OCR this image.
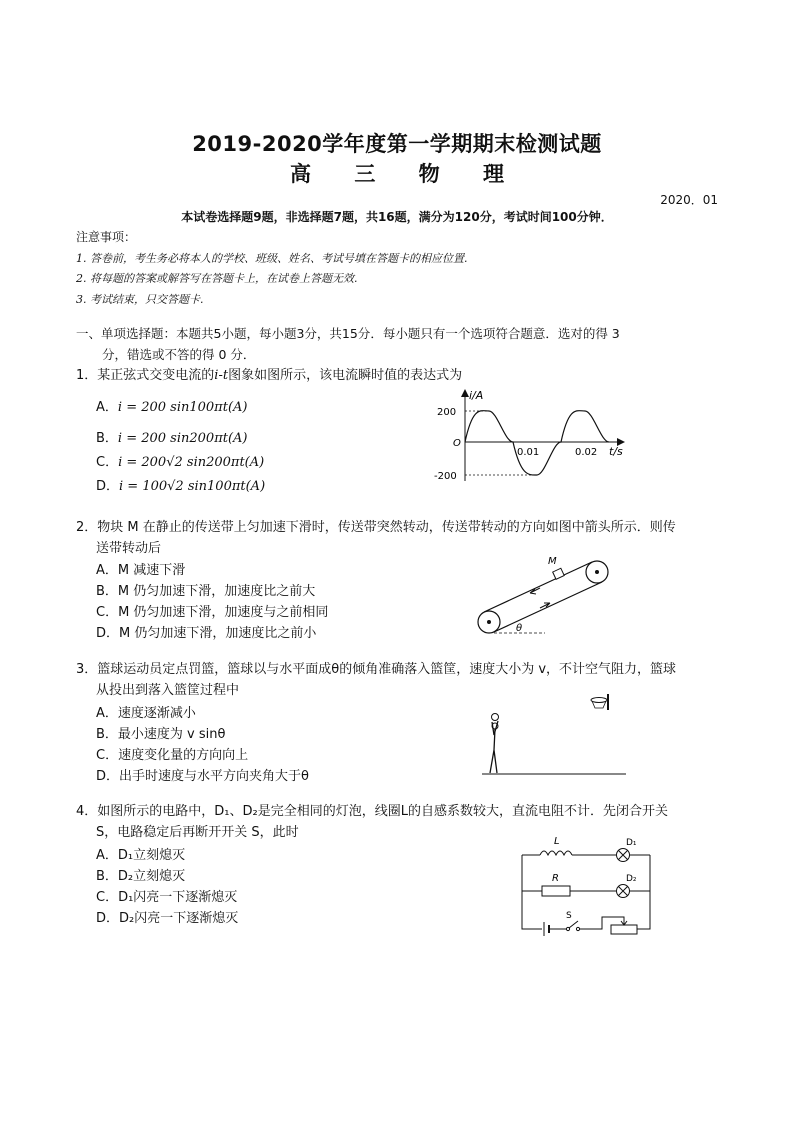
2019-2020学年度第一学期期末检测试题
高 三 物 理
2020．01
本试卷选择题9题，非选择题7题，共16题，满分为120分，考试时间100分钟．
注意事项：
1. 答卷前，考生务必将本人的学校、班级、姓名、考试号填在答题卡的相应位置.
2. 将每题的答案或解答写在答题卡上，在试卷上答题无效.
3. 考试结束，只交答题卡.
一、单项选择题：本题共5小题，每小题3分，共15分．每小题只有一个选项符合题意．选对的得 3
分，错选或不答的得 0 分．
1．某正弦式交变电流的i-t图象如图所示，该电流瞬时值的表达式为
A．i = 200 sin100πt(A)
B．i = 200 sin200πt(A)
C．i = 200√2 sin200πt(A)
D．i = 100√2 sin100πt(A)
i/A
200
-200
O
0.01	0.02 t/s
2．物块 M 在静止的传送带上匀加速下滑时，传送带突然转动，传送带转动的方向如图中箭头所示．则传
送带转动后
A．M 减速下滑
B．M 仍匀加速下滑，加速度比之前大
C．M 仍匀加速下滑，加速度与之前相同
D．M 仍匀加速下滑，加速度比之前小
M
θ
3．篮球运动员定点罚篮，篮球以与水平面成θ的倾角准确落入篮筐，速度大小为 v，不计空气阻力，篮球
从投出到落入篮筐过程中
A．速度逐渐减小
B．最小速度为 v sinθ
C．速度变化量的方向向上
D．出手时速度与水平方向夹角大于θ
4．如图所示的电路中，D₁、D₂是完全相同的灯泡，线圈L的自感系数较大，直流电阻不计．先闭合开关
S，电路稳定后再断开开关 S，此时
A．D₁立刻熄灭
B．D₂立刻熄灭
C．D₁闪亮一下逐渐熄灭
D．D₂闪亮一下逐渐熄灭
L	D₁
R	D₂
S
